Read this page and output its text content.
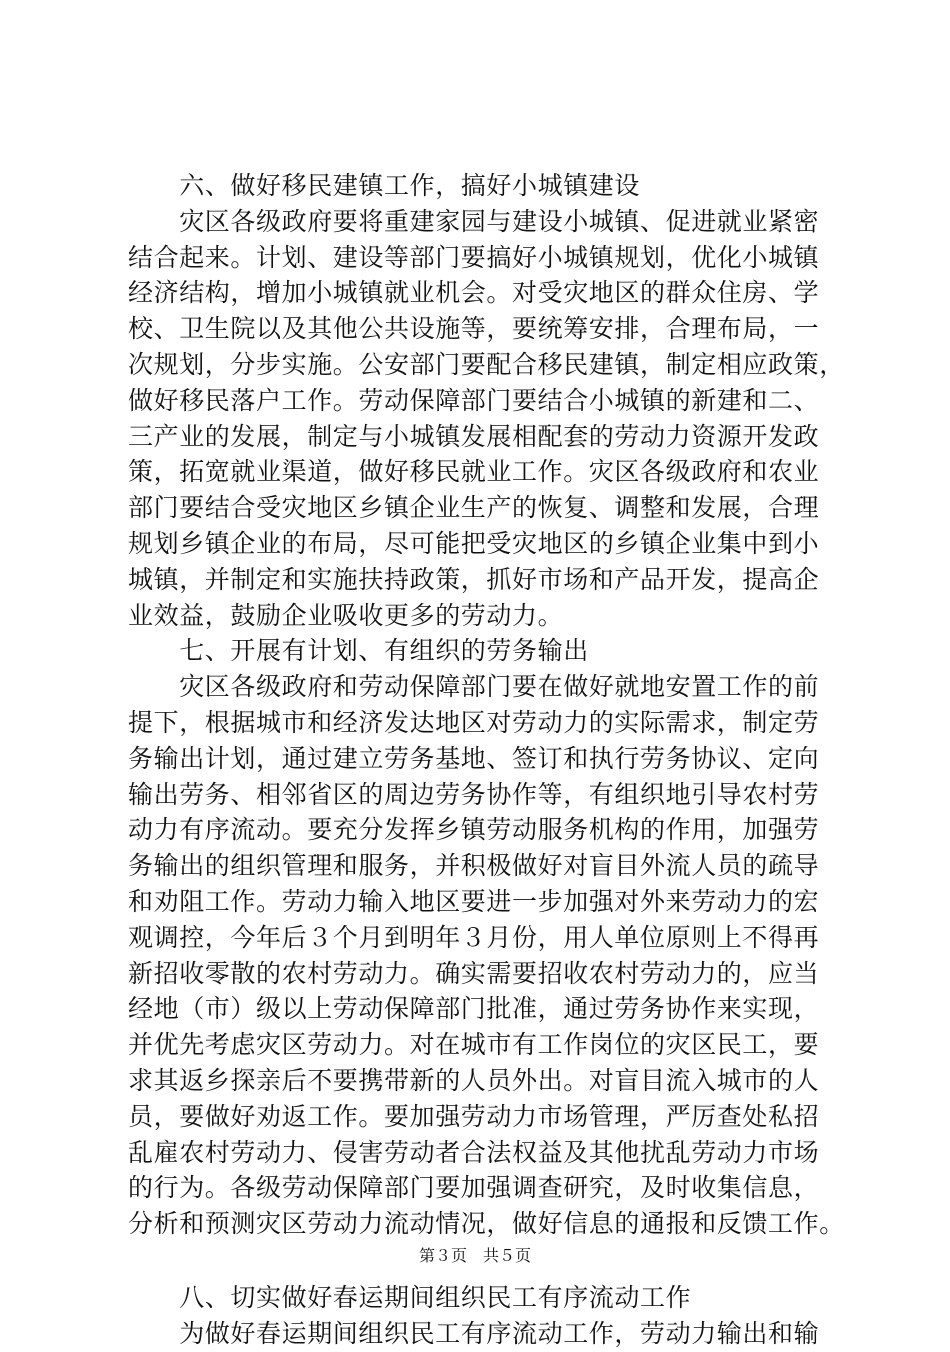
　　六、做好移民建镇工作，搞好小城镇建设
　　灾区各级政府要将重建家园与建设小城镇、促进就业紧密
结合起来。计划、建设等部门要搞好小城镇规划，优化小城镇
经济结构，增加小城镇就业机会。对受灾地区的群众住房、学
校、卫生院以及其他公共设施等，要统筹安排，合理布局，一
次规划，分步实施。公安部门要配合移民建镇，制定相应政策，
做好移民落户工作。劳动保障部门要结合小城镇的新建和二、
三产业的发展，制定与小城镇发展相配套的劳动力资源开发政
策，拓宽就业渠道，做好移民就业工作。灾区各级政府和农业
部门要结合受灾地区乡镇企业生产的恢复、调整和发展，合理
规划乡镇企业的布局，尽可能把受灾地区的乡镇企业集中到小
城镇，并制定和实施扶持政策，抓好市场和产品开发，提高企
业效益，鼓励企业吸收更多的劳动力。
　　七、开展有计划、有组织的劳务输出
　　灾区各级政府和劳动保障部门要在做好就地安置工作的前
提下，根据城市和经济发达地区对劳动力的实际需求，制定劳
务输出计划，通过建立劳务基地、签订和执行劳务协议、定向
输出劳务、相邻省区的周边劳务协作等，有组织地引导农村劳
动力有序流动。要充分发挥乡镇劳动服务机构的作用，加强劳
务输出的组织管理和服务，并积极做好对盲目外流人员的疏导
和劝阻工作。劳动力输入地区要进一步加强对外来劳动力的宏
观调控，今年后３个月到明年３月份，用人单位原则上不得再
新招收零散的农村劳动力。确实需要招收农村劳动力的，应当
经地（市）级以上劳动保障部门批准，通过劳务协作来实现，
并优先考虑灾区劳动力。对在城市有工作岗位的灾区民工，要
求其返乡探亲后不要携带新的人员外出。对盲目流入城市的人
员，要做好劝返工作。要加强劳动力市场管理，严厉查处私招
乱雇农村劳动力、侵害劳动者合法权益及其他扰乱劳动力市场
的行为。各级劳动保障部门要加强调查研究，及时收集信息，
分析和预测灾区劳动力流动情况，做好信息的通报和反馈工作。
　　八、切实做好春运期间组织民工有序流动工作
　　为做好春运期间组织民工有序流动工作，劳动力输出和输
第３页　共５页
